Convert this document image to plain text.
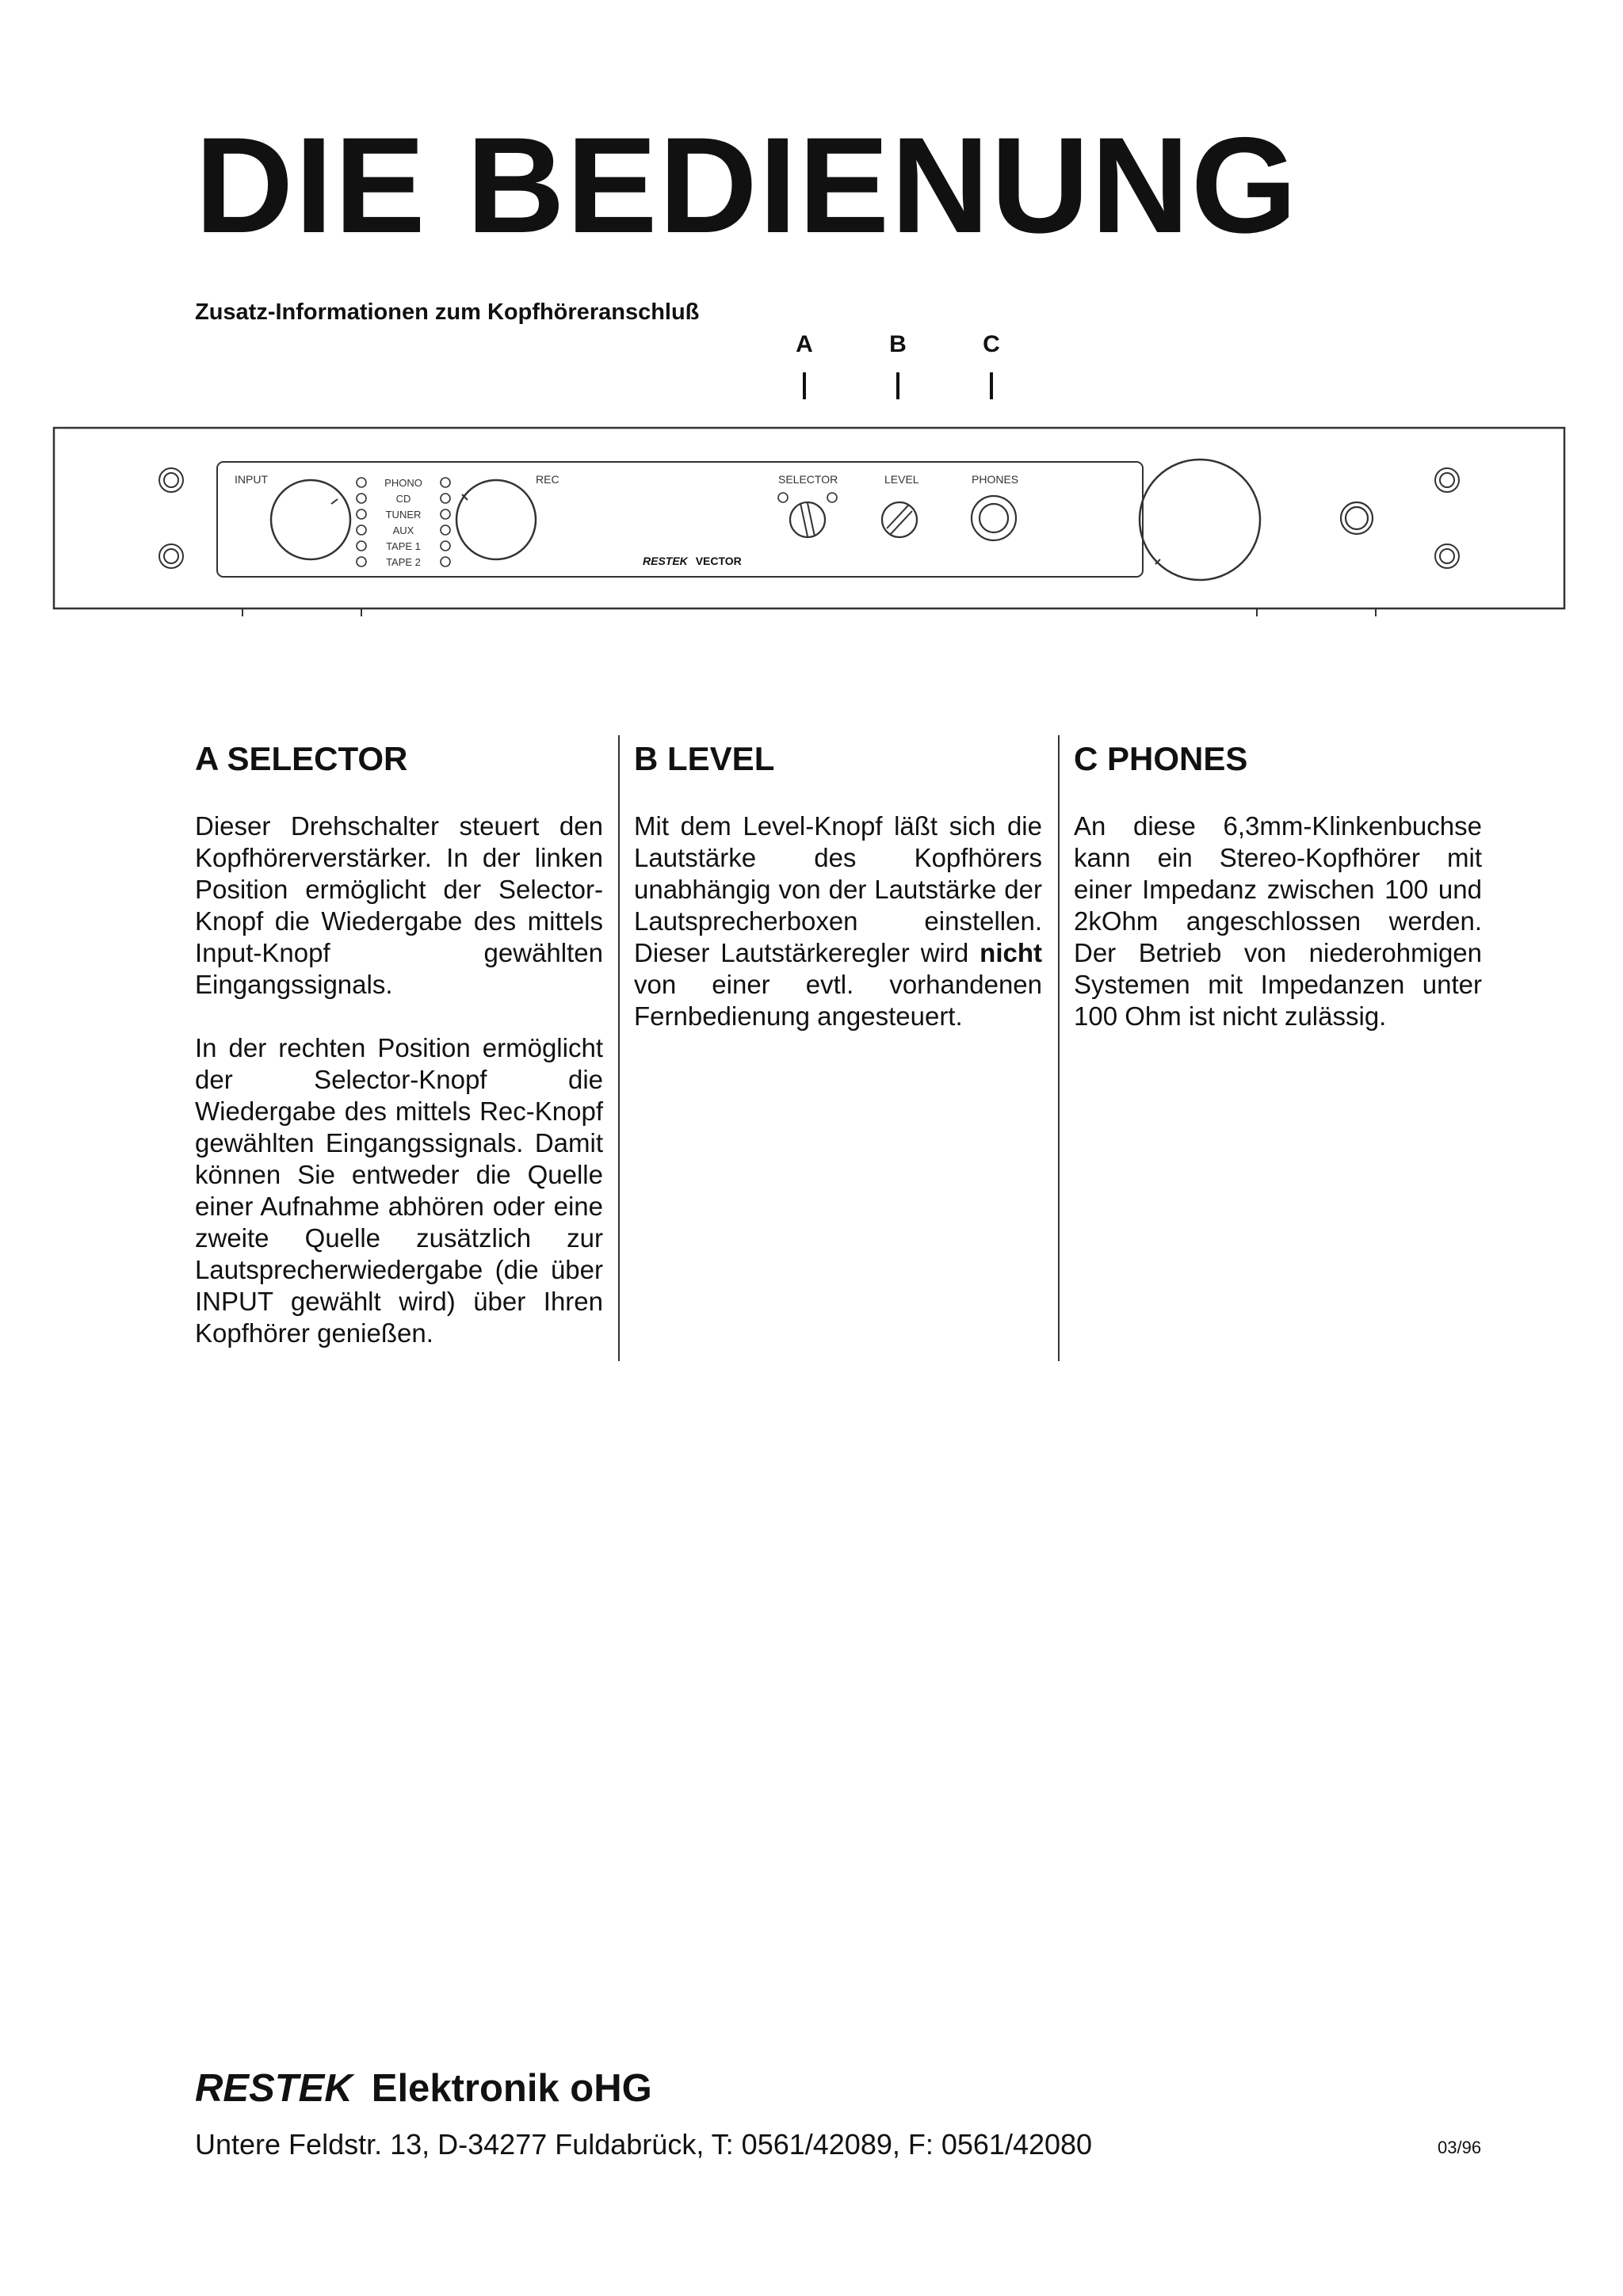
DIE BEDIENUNG
Zusatz-Informationen zum Kopfhöreranschluß
A	B	C
INPUT	REC	SELECTOR	LEVEL	PHONES
PHONO
CD
TUNER
AUX
TAPE 1
TAPE 2	RESTEK VECTOR
A SELECTOR

Dieser Drehschalter steuert den Kopfhörerverstärker. In der linken Position ermöglicht der Selector-Knopf die Wiedergabe des mittels Input-Knopf gewählten Eingangssignals.

In der rechten Position ermöglicht der Selector-Knopf die Wiedergabe des mittels Rec-Knopf gewählten Eingangssignals. Damit können Sie entweder die Quelle einer Aufnahme abhören oder eine zweite Quelle zusätzlich zur Lautsprecherwiedergabe (die über INPUT gewählt wird) über Ihren Kopfhörer genießen.

B LEVEL

Mit dem Level-Knopf läßt sich die Lautstärke des Kopfhörers unabhängig von der Lautstärke der Lautsprecherboxen einstellen. Dieser Lautstärkeregler wird nicht von einer evtl. vorhandenen Fernbedienung angesteuert.

C PHONES

An diese 6,3mm-Klinkenbuchse kann ein Stereo-Kopfhörer mit einer Impedanz zwischen 100 und 2kOhm angeschlossen werden. Der Betrieb von niederohmigen Systemen mit Impedanzen unter 100 Ohm ist nicht zulässig.

RESTEK Elektronik oHG
Untere Feldstr. 13, D-34277 Fuldabrück, T: 0561/42089, F: 0561/42080	03/96
